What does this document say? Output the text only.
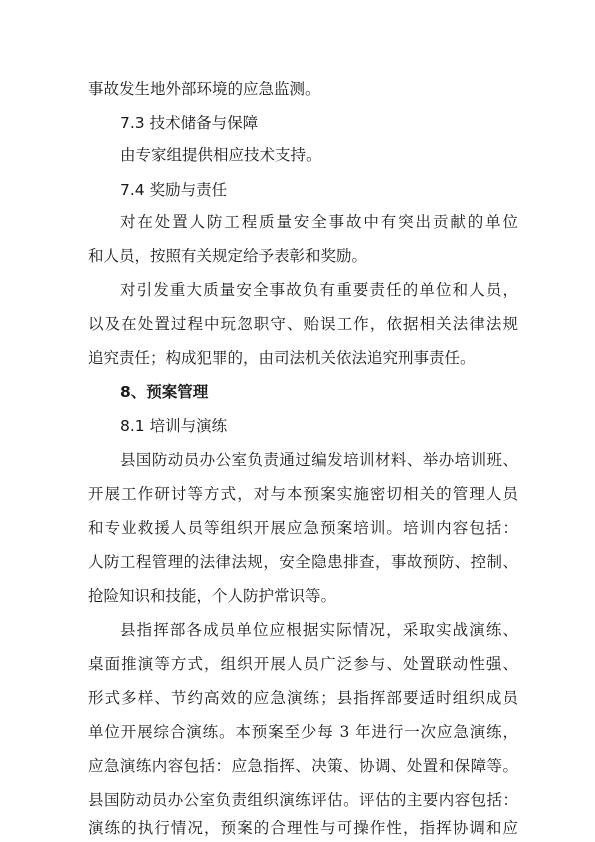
事故发生地外部环境的应急监测。
7.3 技术储备与保障
由专家组提供相应技术支持。
7.4 奖励与责任
对在处置人防工程质量安全事故中有突出贡献的单位
和人员，按照有关规定给予表彰和奖励。
对引发重大质量安全事故负有重要责任的单位和人员，
以及在处置过程中玩忽职守、贻误工作，依据相关法律法规
追究责任；构成犯罪的，由司法机关依法追究刑事责任。
8、预案管理
8.1 培训与演练
县国防动员办公室负责通过编发培训材料、举办培训班、
开展工作研讨等方式，对与本预案实施密切相关的管理人员
和专业救援人员等组织开展应急预案培训。培训内容包括：
人防工程管理的法律法规，安全隐患排查，事故预防、控制、
抢险知识和技能，个人防护常识等。
县指挥部各成员单位应根据实际情况，采取实战演练、
桌面推演等方式，组织开展人员广泛参与、处置联动性强、
形式多样、节约高效的应急演练；县指挥部要适时组织成员
单位开展综合演练。本预案至少每 3 年进行一次应急演练，
应急演练内容包括：应急指挥、决策、协调、处置和保障等。
县国防动员办公室负责组织演练评估。评估的主要内容包括：
演练的执行情况，预案的合理性与可操作性，指挥协调和应
